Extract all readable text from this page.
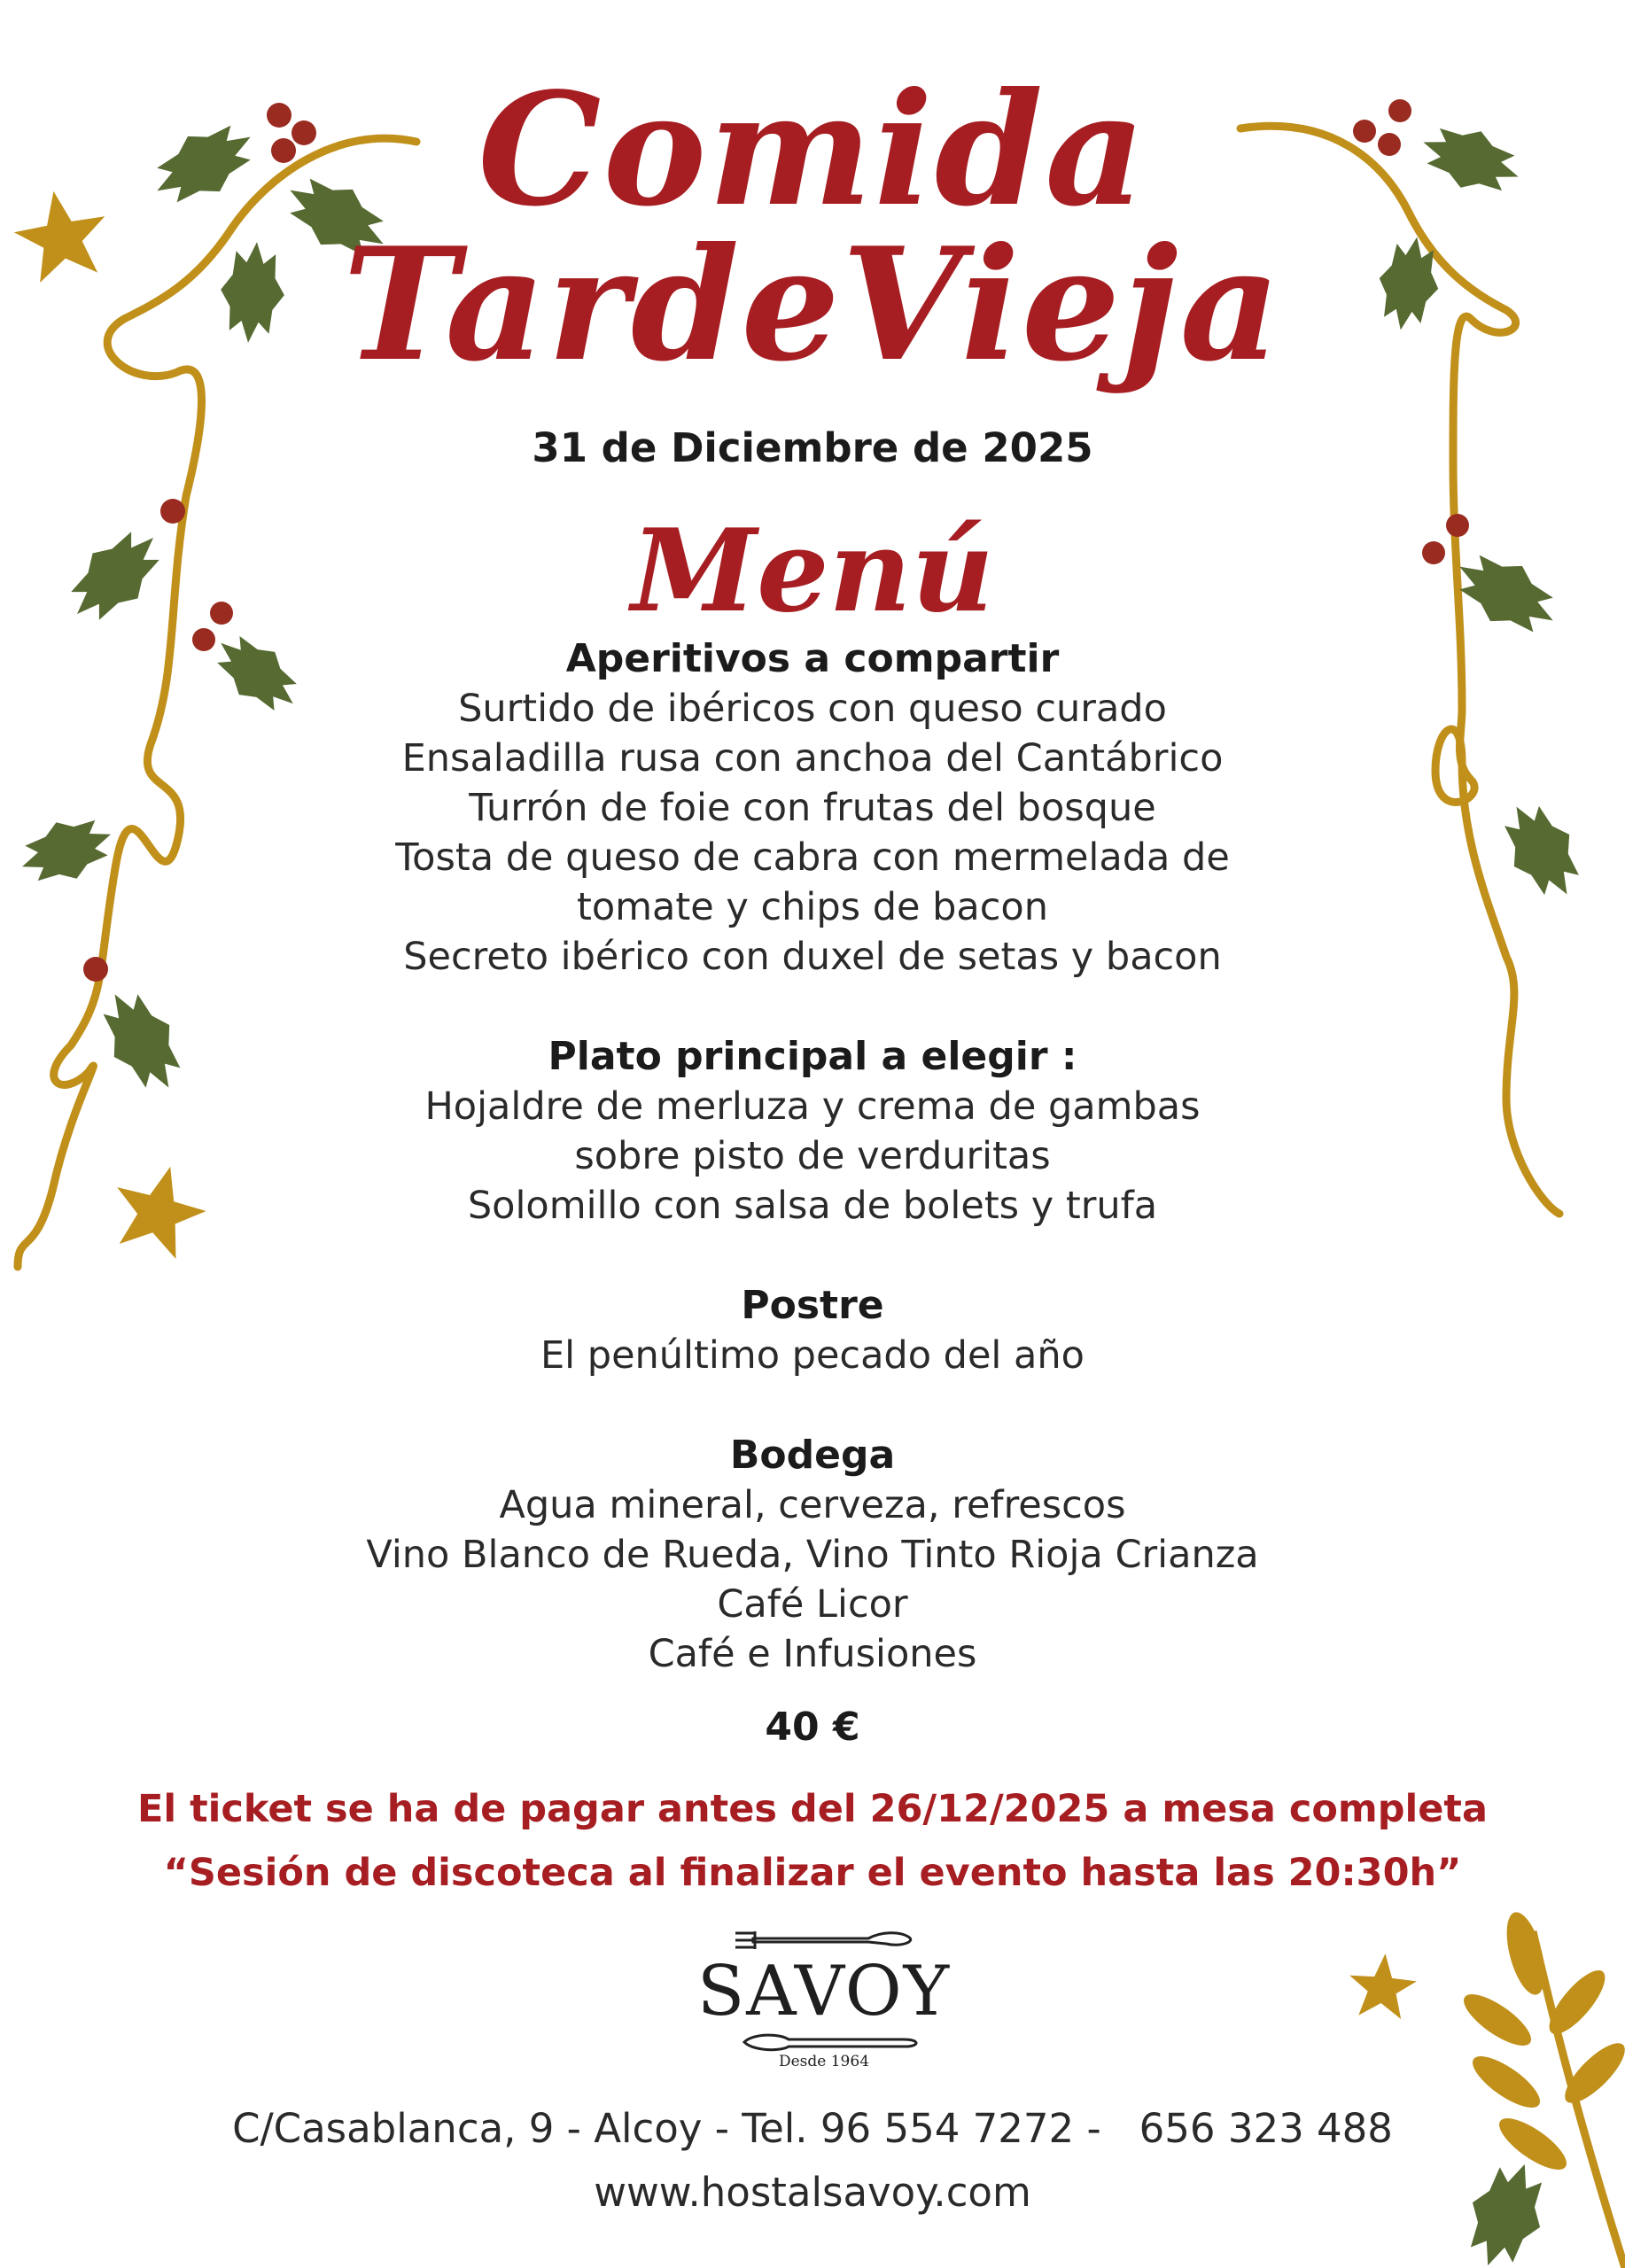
Comida
TardeVieja
31 de Diciembre de 2025
Menú
Aperitivos a compartir
Surtido de ibéricos con queso curado
Ensaladilla rusa con anchoa del Cantábrico
Turrón de foie con frutas del bosque
Tosta de queso de cabra con mermelada de
tomate y chips de bacon
Secreto ibérico con duxel de setas y bacon
Plato principal a elegir :
Hojaldre de merluza y crema de gambas
sobre pisto de verduritas
Solomillo con salsa de bolets y trufa
Postre
El penúltimo pecado del año
Bodega
Agua mineral, cerveza, refrescos
Vino Blanco de Rueda, Vino Tinto Rioja Crianza
Café Licor
Café e Infusiones
40 €
El ticket se ha de pagar antes del 26/12/2025 a mesa completa
“Sesión de discoteca al finalizar el evento hasta las 20:30h”
SAVOY
Desde 1964
C/Casablanca, 9 - Alcoy - Tel. 96 554 7272 -   656 323 488
www.hostalsavoy.com
